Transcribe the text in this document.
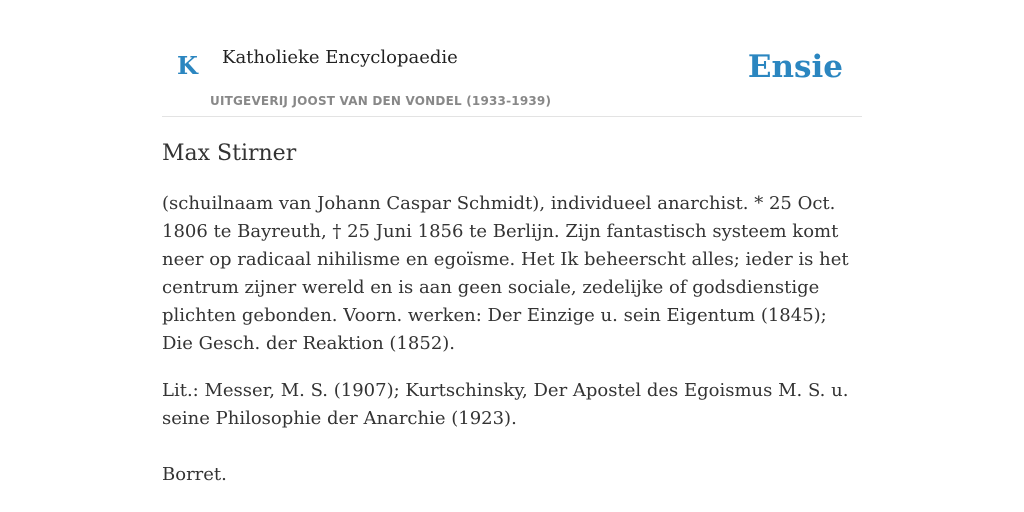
K Katholieke Encyclopaedie
UITGEVERIJ JOOST VAN DEN VONDEL (1933-1939)
Ensie
Max Stirner

(schuilnaam van Johann Caspar Schmidt), individueel anarchist. * 25 Oct. 1806 te Bayreuth, † 25 Juni 1856 te Berlijn. Zijn fantastisch systeem komt neer op radicaal nihilisme en egoïsme. Het Ik beheerscht alles; ieder is het centrum zijner wereld en is aan geen sociale, zedelijke of godsdienstige plichten gebonden. Voorn. werken: Der Einzige u. sein Eigentum (1845); Die Gesch. der Reaktion (1852).

Lit.: Messer, M. S. (1907); Kurtschinsky, Der Apostel des Egoismus M. S. u. seine Philosophie der Anarchie (1923).

Borret.
